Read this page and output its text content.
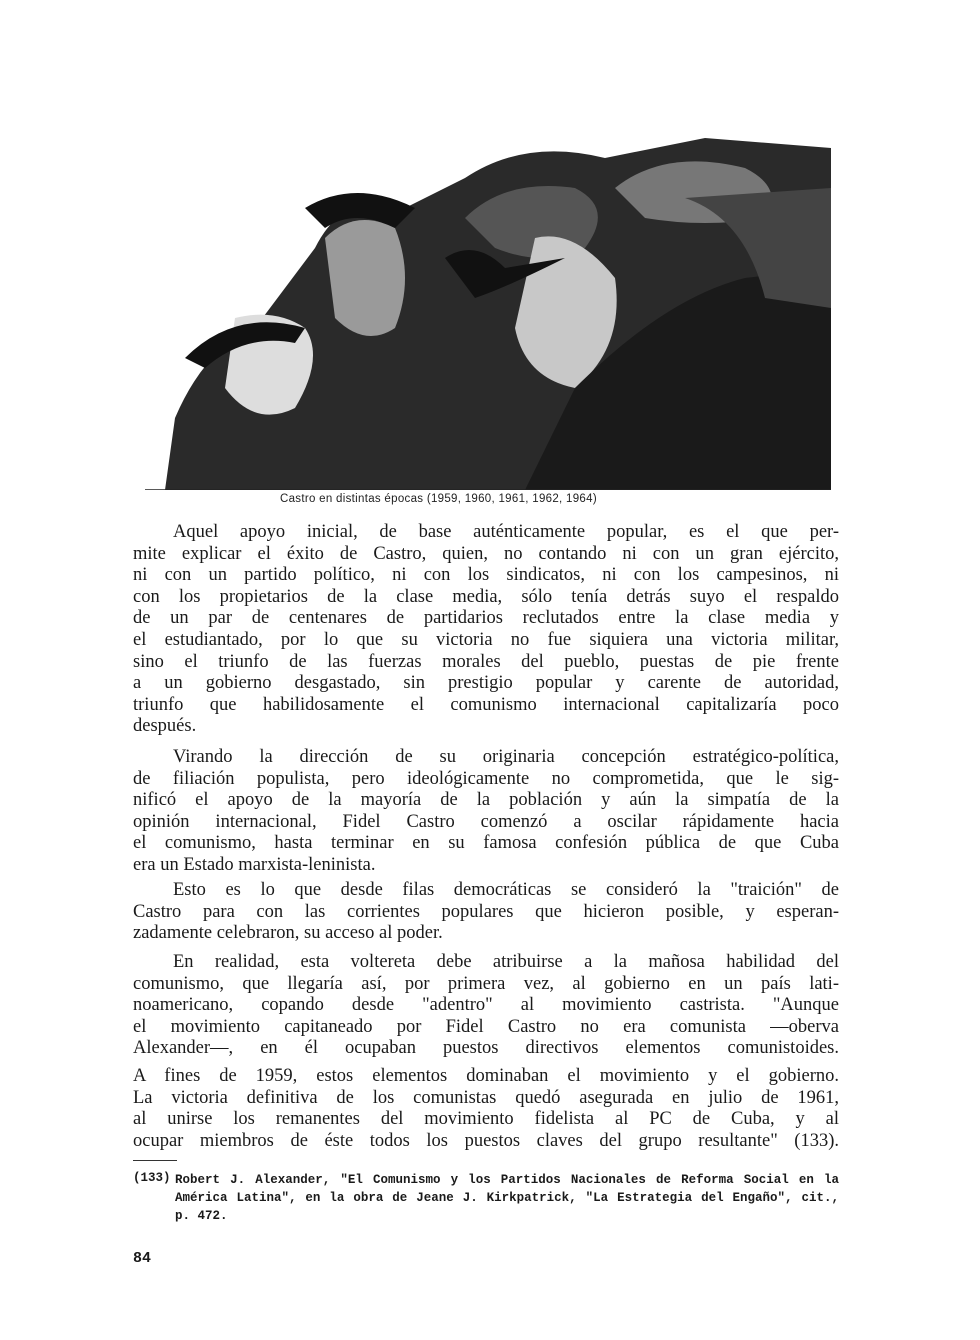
Castro en distintas épocas (1959, 1960, 1961, 1962, 1964)
Aquel apoyo inicial, de base auténticamente popular, es el que per-
mite explicar el éxito de Castro, quien, no contando ni con un gran ejército,
ni con un partido político, ni con los sindicatos, ni con los campesinos, ni
con los propietarios de la clase media, sólo tenía detrás suyo el respaldo
de un par de centenares de partidarios reclutados entre la clase media y
el estudiantado, por lo que su victoria no fue siquiera una victoria militar,
sino el triunfo de las fuerzas morales del pueblo, puestas de pie frente
a un gobierno desgastado, sin prestigio popular y carente de autoridad,
triunfo que habilidosamente el comunismo internacional capitalizaría poco
después.
Virando la dirección de su originaria concepción estratégico-política,
de filiación populista, pero ideológicamente no comprometida, que le sig-
nificó el apoyo de la mayoría de la población y aún la simpatía de la
opinión internacional, Fidel Castro comenzó a oscilar rápidamente hacia
el comunismo, hasta terminar en su famosa confesión pública de que Cuba
era un Estado marxista-leninista.
Esto es lo que desde filas democráticas se consideró la "traición" de
Castro para con las corrientes populares que hicieron posible, y esperan-
zadamente celebraron, su acceso al poder.
En realidad, esta voltereta debe atribuirse a la mañosa habilidad del
comunismo, que llegaría así, por primera vez, al gobierno en un país lati-
noamericano, copando desde "adentro" al movimiento castrista. "Aunque
el movimiento capitaneado por Fidel Castro no era comunista —oberva
Alexander—, en él ocupaban puestos directivos elementos comunistoides.
A fines de 1959, estos elementos dominaban el movimiento y el gobierno.
La victoria definitiva de los comunistas quedó asegurada en julio de 1961,
al unirse los remanentes del movimiento fidelista al PC de Cuba, y al
ocupar miembros de éste todos los puestos claves del grupo resultante" (133).
(133) Robert J. Alexander, "El Comunismo y los Partidos Nacionales de Reforma Social en la
América Latina", en la obra de Jeane J. Kirkpatrick, "La Estrategia del Engaño", cit.,
p. 472.
84
